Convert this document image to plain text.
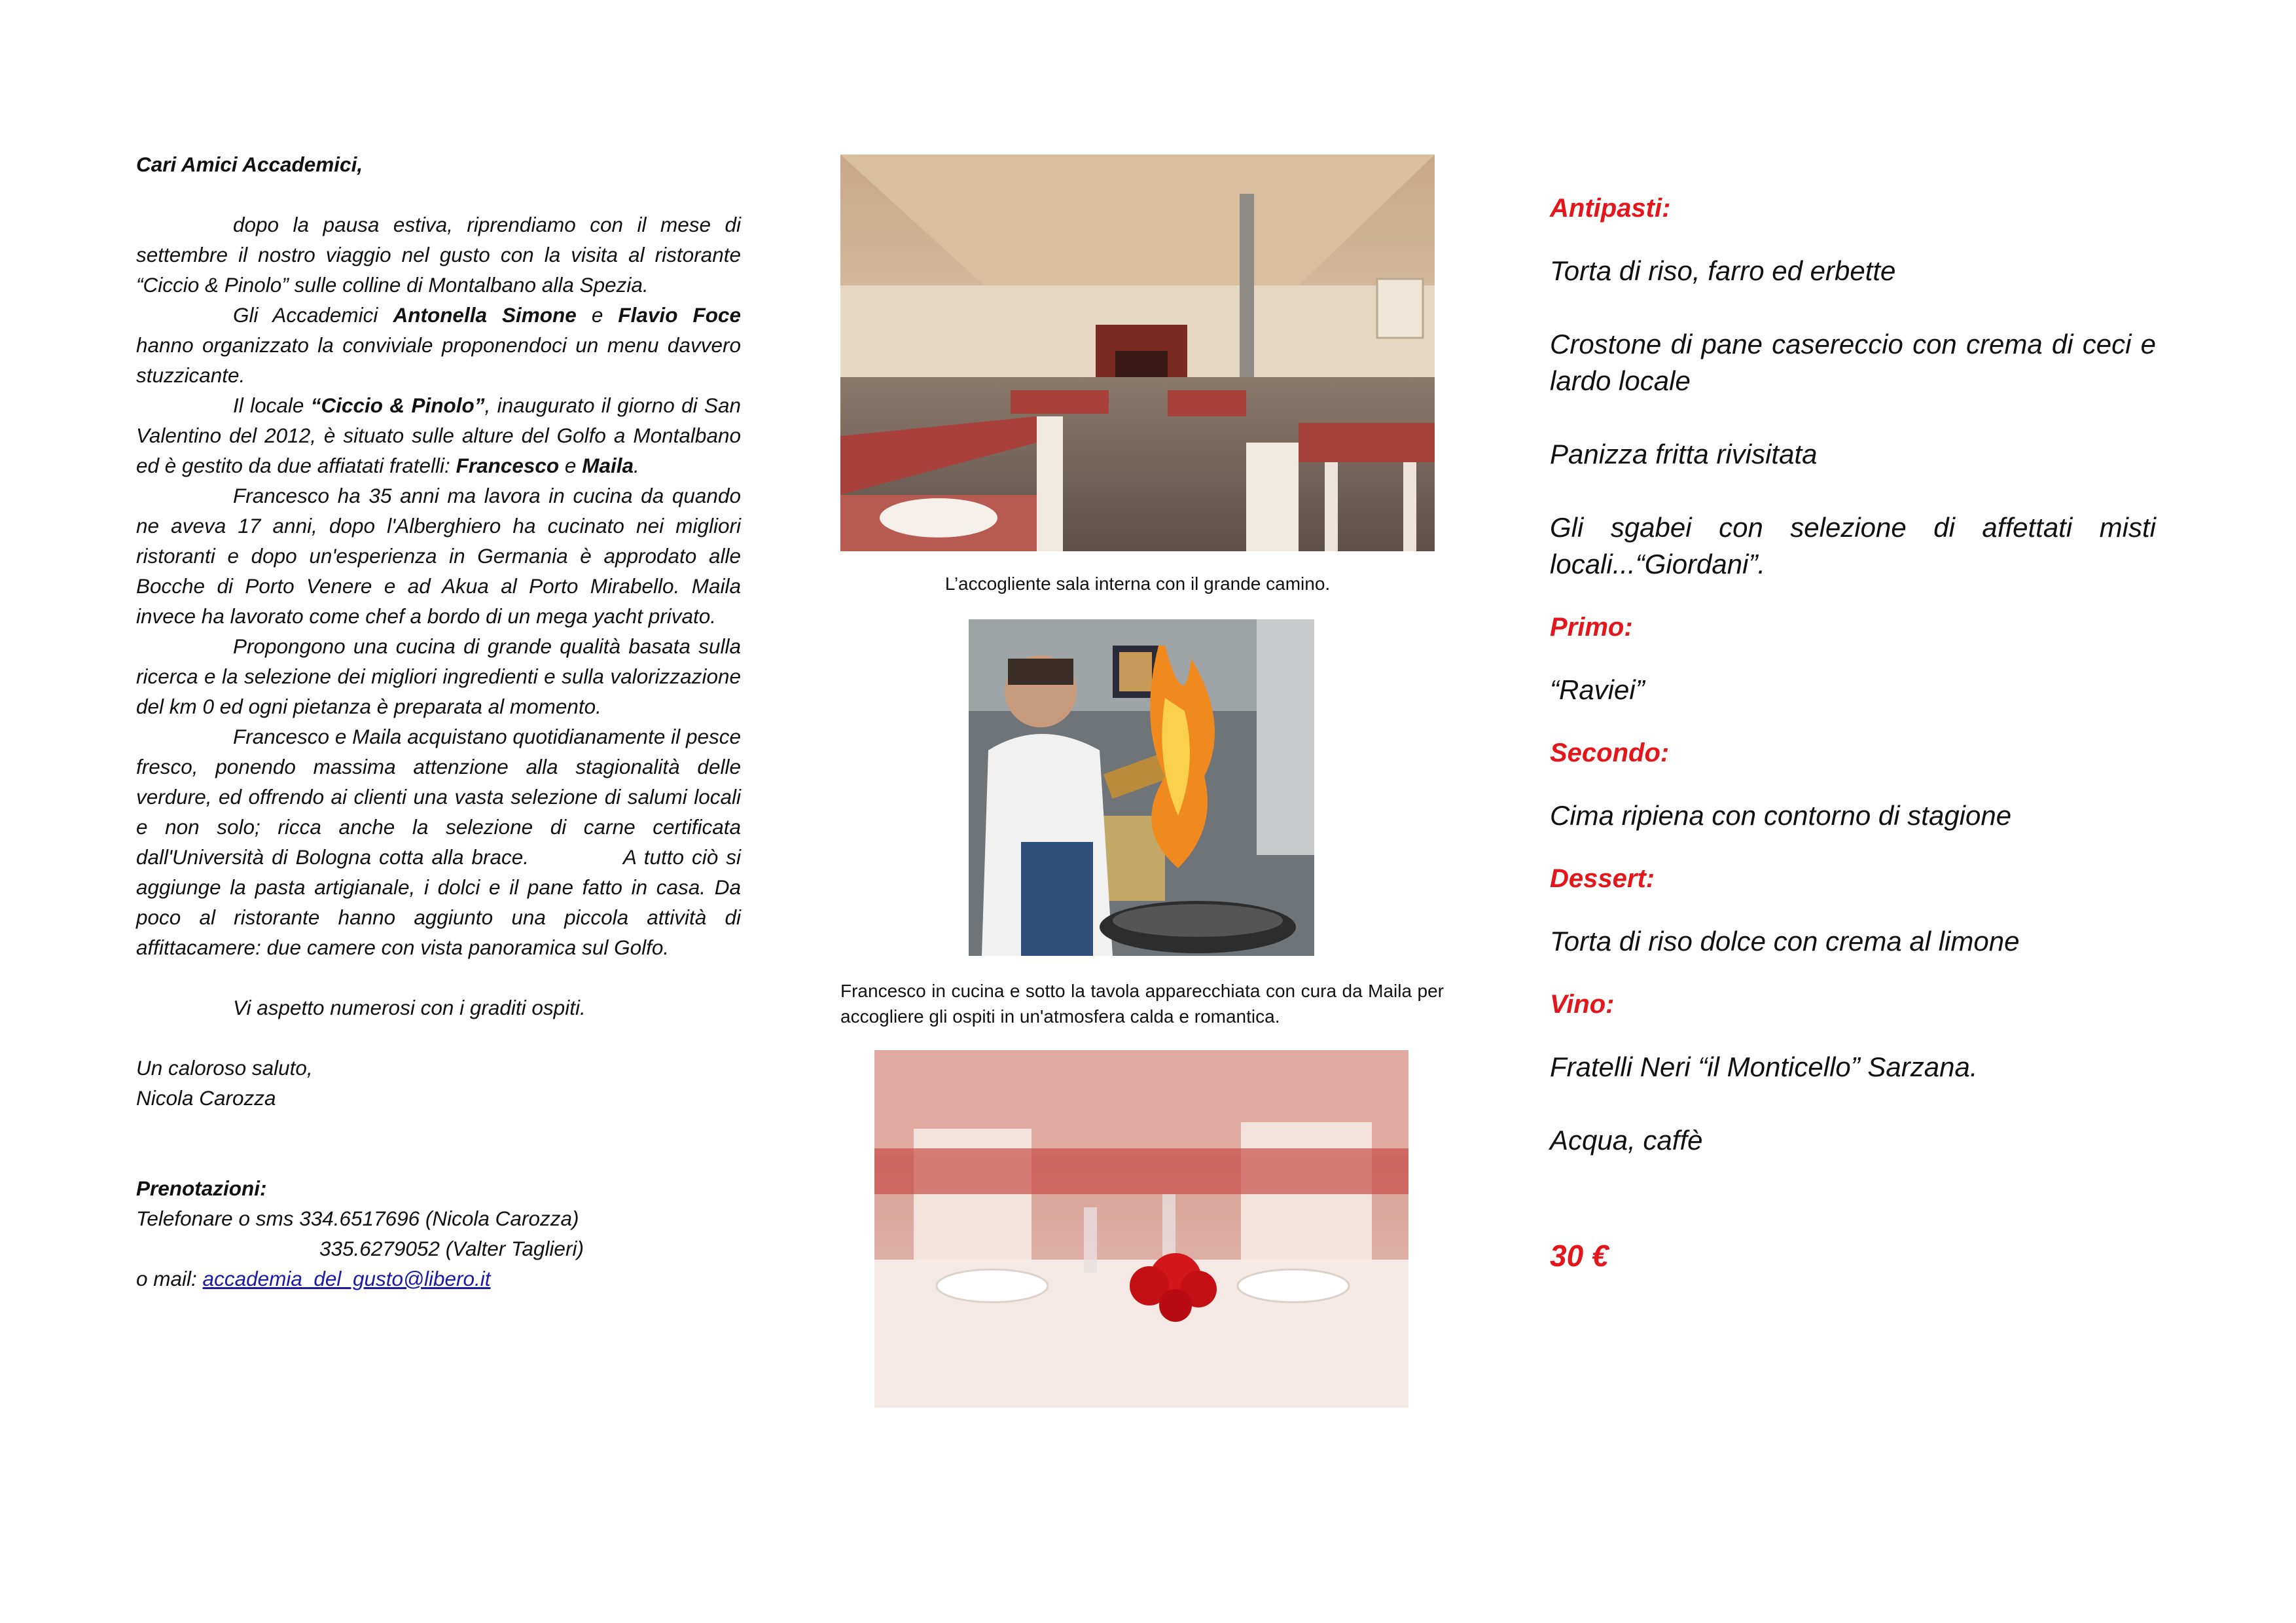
Cari Amici Accademici,

dopo la pausa estiva, riprendiamo con il mese di settembre il nostro viaggio nel gusto con la visita al ristorante “Ciccio & Pinolo” sulle colline di Montalbano alla Spezia.

Gli Accademici Antonella Simone e Flavio Foce hanno organizzato la conviviale proponendoci un menu davvero stuzzicante.

Il locale “Ciccio & Pinolo”, inaugurato il giorno di San Valentino del 2012, è situato sulle alture del Golfo a Montalbano ed è gestito da due affiatati fratelli: Francesco e Maila.

Francesco ha 35 anni ma lavora in cucina da quando ne aveva 17 anni, dopo l'Alberghiero ha cucinato nei migliori ristoranti e dopo un'esperienza in Germania è approdato alle Bocche di Porto Venere e ad Akua al Porto Mirabello. Maila invece ha lavorato come chef a bordo di un mega yacht privato.

Propongono una cucina di grande qualità basata sulla ricerca e la selezione dei migliori ingredienti e sulla valorizzazione del km 0 ed ogni pietanza è preparata al momento.

Francesco e Maila acquistano quotidianamente il pesce fresco, ponendo massima attenzione alla stagionalità delle verdure, ed offrendo ai clienti una vasta selezione di salumi locali e non solo; ricca anche la selezione di carne certificata dall'Università di Bologna cotta alla brace.	A tutto ciò si aggiunge la pasta artigianale, i dolci e il pane fatto in casa. Da poco al ristorante hanno aggiunto una piccola attività di affittacamere: due camere con vista panoramica sul Golfo.

Vi aspetto numerosi con i graditi ospiti.

Un caloroso saluto,

Nicola Carozza

Prenotazioni:

Telefonare o sms 334.6517696 (Nicola Carozza)

335.6279052 (Valter Taglieri)

o mail: accademia_del_gusto@libero.it

L’accogliente sala interna con il grande camino.
Francesco in cucina e sotto la tavola apparecchiata con cura da Maila per accogliere gli ospiti in un'atmosfera calda e romantica.

Antipasti:

Torta di riso, farro ed erbette

Crostone di pane casereccio con crema di ceci e lardo locale

Panizza fritta rivisitata

Gli sgabei con selezione di affettati misti locali...“Giordani”.

Primo:

“Raviei”

Secondo:

Cima ripiena con contorno di stagione

Dessert:

Torta di riso dolce con crema al limone

Vino:

Fratelli Neri “il Monticello” Sarzana.

Acqua, caffè

30 €
